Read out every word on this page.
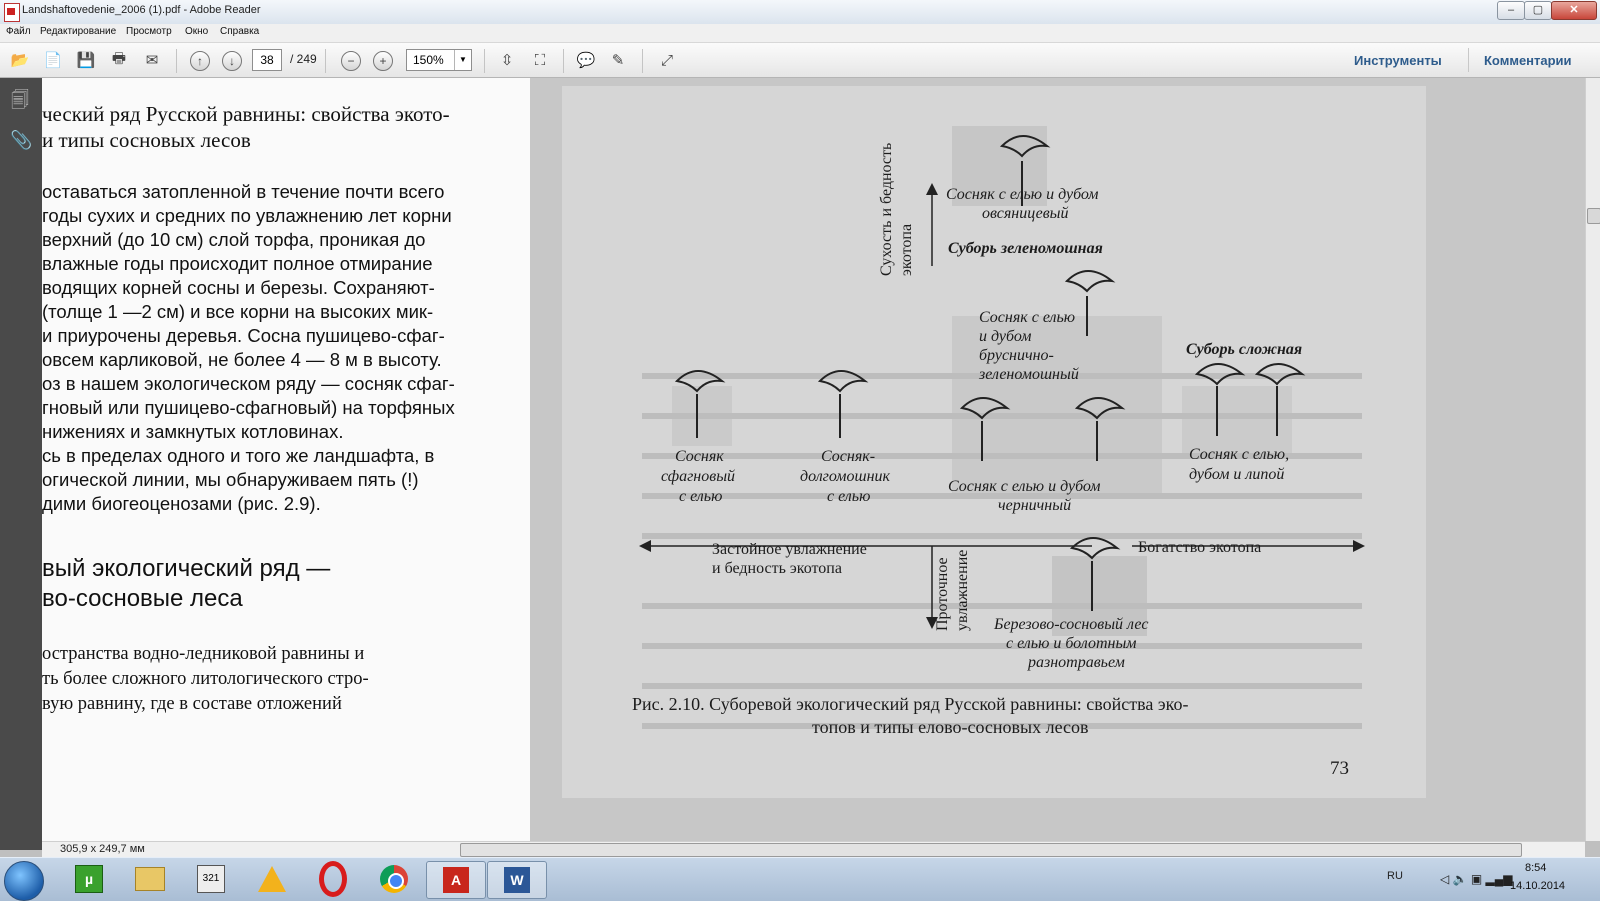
Landshaftovedenie_2006 (1).pdf - Adobe Reader	–	▢	✕
Файл Редактирование Просмотр Окно Справка
📂 📄 💾 🖶	✉	↑	↓	−	+	⇳	⛶	💬	✎	⤢
38	/ 249	150%	▼	Инструменты	Комментарии
🗐
📎
ческий ряд Русской равнины: свойства экото-
и типы сосновых лесов
оставаться затопленной в течение почти всего
годы сухих и средних по увлажнению лет корни
верхний (до 10 см) слой торфа, проникая до
влажные годы происходит полное отмирание
водящих корней сосны и березы. Сохраняют-
(толще 1 —2 см) и все корни на высоких мик-
и приурочены деревья. Сосна пушицево-сфаг-
овсем карликовой, не более 4 — 8 м в высоту.
оз в нашем экологическом ряду — сосняк сфаг-
гновый или пушицево-сфагновый) на торфяных
нижениях и замкнутых котловинах.
сь в пределах одного и того же ландшафта, в
огической линии, мы обнаруживаем пять (!)
дими биогеоценозами (рис. 2.9).
вый экологический ряд —
во-сосновые леса
остранства водно-ледниковой равнины и
ть более сложного литологического стро-
вую равнину, где в составе отложений
Сосняк с елью и дубом
овсяницевый
Суборь зеленомошная
Сосняк с елью
и дубом
брусничнo-
зеленомошный
Суборь сложная
Сосняк
сфагновый
с елью
Сосняк-
долгомошник
с елью
Сосняк с елью и дубом
черничный
Сосняк с елью,
дубом и липой
Березово-сосновый лес
с елью и болотным
разнотравьем
Сухость и бедность экотопа
Застойное увлажнение
и бедность экотопа
Богатство экотопа
Проточное увлажнение
Рис. 2.10. Суборевой экологический ряд Русской равнины: свойства эко-
топов и типы елово-сосновых лесов
73
305,9 x 249,7 мм
µ	321	A	W	RU	◁ 🔈 ▣ ▂▄▆
8:54
14.10.2014
